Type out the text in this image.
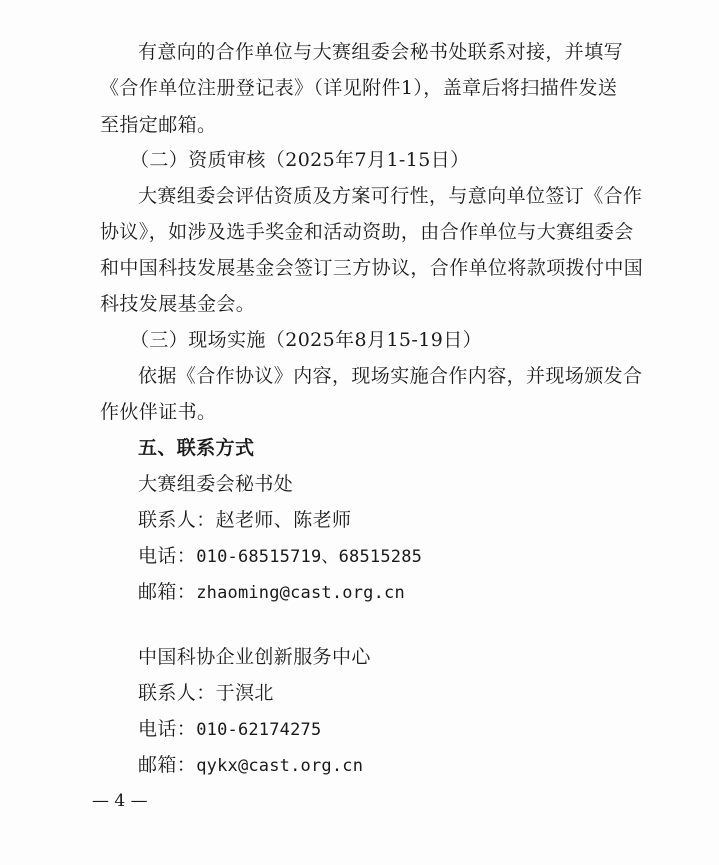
有意向的合作单位与大赛组委会秘书处联系对接，并填写
《合作单位注册登记表》（详见附件1），盖章后将扫描件发送
至指定邮箱。
（二）资质审核（2025年7月1-15日）
大赛组委会评估资质及方案可行性，与意向单位签订《合作
协议》，如涉及选手奖金和活动资助，由合作单位与大赛组委会
和中国科技发展基金会签订三方协议，合作单位将款项拨付中国
科技发展基金会。
（三）现场实施（2025年8月15-19日）
依据《合作协议》内容，现场实施合作内容，并现场颁发合
作伙伴证书。
五、联系方式
大赛组委会秘书处
联系人：赵老师、陈老师
电话：010-68515719、68515285
邮箱：zhaoming@cast.org.cn
中国科协企业创新服务中心
联系人：于溟北
电话：010-62174275
邮箱：qykx@cast.org.cn
— 4 —
